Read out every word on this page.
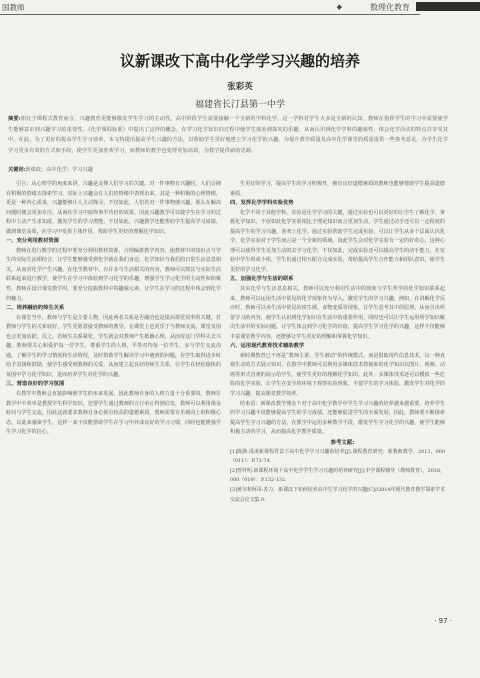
国教师	◆	数理化教育
议新课改下高中化学学习兴趣的培养
张彩英
福建省长汀县第一中学
摘要:相比于课程式教育而言，兴趣教育更能够激发学生学习的主动性。高中阶段学生需要接触一个全新的学科化学，这一学科对学生大多是全新的认知，教师在指挥学生的学习中需要使学生能够意识到兴趣学习的重要性。《化学课程标准》中提出了这样的概念，在学习化学知识的过程中使学生体验到探究的乐趣，从而认识到化学学科的趣味性，体会化学活动的特点并享受其中。在此，为了更好的提高学生学习效率，本文特提出提高学生兴趣的方法，以帮助学生更好地建立学习化学的兴趣，为提升教学质量及高中化学课堂的质量提供一些参考意见，为学生化学学习更多有效的方式和手段，使学生更加喜欢学习，而教师的教学也变得更加高效，为教学提供新的思路。
关键词:新课改；高中化学；学习兴趣

引言：从心理学的角度来讲，兴趣是支撑人们学习的关键。对一件事物有兴趣时，人们会拥有积极的情绪去探索学习。实际上兴趣会在人们的情绪中表现出来，其是一种积极的心理情绪，更是一种内心需求，兴趣能够让人主动探寻，不仅如此，人们若对一件事物感兴趣，那么在解决问题时便会更加专注，从而在学习中取得事半功倍的效果。因此兴趣教学可以使学生在学习的过程中主动产生求知欲，激发学生的学习潜能，不仅如此，兴趣教学还能帮助学生提高学习成绩，做到课堂高效，在学习中发挥主体作用，帮助学生更好的理解化学知识。

一、充分利用教材资源

教师在进行教学的过程中要充分利用教材资源，合理编排教学内容，使教材中的知识点与学生的实际生活相结合，让学生能够感受到化学就在我们身边，化学知识与我们的日常生活息息相关，从而对化学产生兴趣。在化学教材中，有许多与生活相关的内容，教师可以将其与实际生活联系起来进行教学，使学生在学习中体验到学习化学的乐趣，增强学生学习化学的主动性和积极性，教师在设计课堂教学时，要充分挖掘教材中的趣味元素，让学生在学习的过程中体会到化学的魅力。

二、培养融洽的师生关系

在课堂当中，教师与学生是主要人物，因此两者关系是否融洽也是提高课堂效率的关键。若教师与学生的关系较好，学生更愿意接受教师的教导，在课堂上也更乐于与教师交流，课堂氛围也会更加活跃。反之，若师生关系紧张，学生就会对教师产生抵触心理，从而对这门学科失去兴趣。教师要关心和爱护每一位学生，尊重学生的人格，平等对待每一位学生，多与学生交流沟通，了解学生的学习情况和生活情况，及时帮助学生解决学习中遇到的问题，在学生取得进步时给予表扬和鼓励，使学生感受到教师的关爱，从而建立起良好的师生关系，让学生在轻松愉快的氛围中学习化学知识，进而培养学生对化学的兴趣。

三、营造良好的学习氛围

在教学中教师会直接影响到学生的未来发展，因此教师自身的人格力量十分重要的。教师在教学中不单单是教授学生科学知识，还要学生通过教师的言行举止得到启发，教师可以利用课余时间与学生交流，因此这就要求教师自身必须有较高的道德素质，教师需要有乐观向上的积极心态，以此来感染学生，这样一来不仅能帮助学生在学习中养成良好的学习习惯，同时也能增强学生学习化学的信心。

生更好的学习，提高学生的学习积极性，拥有良好道德素质的教师也能够帮助学生提高道德素质。

四、发挥化学学科实验优势

化学不同于其他学科，实验是化学学习的关键，通过实验也可以更好的让学生了解化学，掌握化学知识。不仅如此化学实验相比于理论知识而言更加生动，学生通过动手还可以一定程度的提高学生的学习兴趣。喜欢上化学，通过实验帮助学生完成实验。可以让学生从多个层面认识化学，化学实验对于学生而言是一个全新的领域，因此学生会对化学实验有一定的好奇心，这种心理可以使得学生更加主动的去学习化学。不仅如此，完成实验还可以提高学生的动手能力，在实验中学生组成小组，学生们通过相互配合完成实验，帮助提高学生合作能力和团队意识，使学生更好的学习化学。

五、加强化学与生活的联系

其实化学与生活息息相关，教师可以充分利用生活中的现象与学生所学的化学知识联系起来，教师可以运用生活中常见的化学现象作为导入，激发学生的学习兴趣，例如，在讲解化学反应时，教师可以举生活中常见的铁生锈、食物变质等现象，让学生思考其中的原理，从而引出所要学习的内容，使学生认识到化学知识在生活中的重要作用，同时也可以让学生运用所学知识解决生活中的实际问题，让学生体会到学习化学的价值，提高学生学习化学的兴趣，这样不仅能够丰富课堂教学内容，还能够让学生更好的理解和掌握化学知识。

六、运用现代教育技术辅助教学

新时期教育已不再是“教师主讲，学生被动”的传统模式，而是借助现代信息技术，以一种直观生动的方式展示知识，在教学中教师可以利用多媒体技术将抽象的化学知识以图片、视频、动画等形式直观的展示给学生，使学生更好的理解化学知识。此外，多媒体技术还可以模拟一些危险的化学实验，让学生在安全的环境下观察实验现象，丰富学生的学习体验，激发学生对化学的学习兴趣，提高课堂教学效率。

结束语：新课改教学理念下对于高中化学教学中学生学习兴趣的培养越来越重要，培养学生的学习兴趣不仅能够提高学生的学习成绩，还能够促进学生的全面发展。因此，教师要不断探索提高学生学习兴趣的方法，在教学中运用多种教学手段，激发学生学习化学的兴趣，使学生能够积极主动的学习，从而提高化学教学质量。

参考文献:

[1]陈静.浅谈新课程背景下高中化学学习兴趣的培养[J].课程教育研究：新教师教学，2013，000（011）：P.73-74.

[2]曾祥明.新课程环境下高中化学学生学习兴趣的培养研究[J].中学课程辅导（教师教育），2018，000（019）：P.132-132.

[3]黄尔和阿哥·苏力，新课改下如何培养高中生学习化学的兴趣[C]//2014年现代教育教学探索学术交流会论文集.0.

· 97 ·
